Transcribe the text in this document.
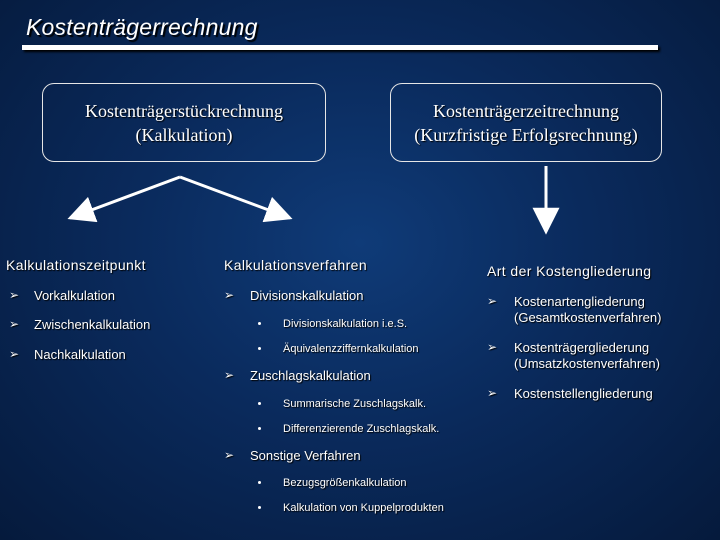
Kostenträgerrechnung
Kostenträgerstückrechnung
(Kalkulation)
Kostenträgerzeitrechnung
(Kurzfristige Erfolgsrechnung)
Kalkulationszeitpunkt
➢ Vorkalkulation
➢ Zwischenkalkulation
➢ Nachkalkulation
Kalkulationsverfahren
➢ Divisionskalkulation
Divisionskalkulation i.e.S.
Äquivalenzziffernkalkulation
➢ Zuschlagskalkulation
Summarische Zuschlagskalk.
Differenzierende Zuschlagskalk.
➢ Sonstige Verfahren
Bezugsgrößenkalkulation
Kalkulation von Kuppelprodukten
Art der Kostengliederung
➢ Kostenartengliederung
(Gesamtkostenverfahren)
➢ Kostenträgergliederung
(Umsatzkostenverfahren)
➢ Kostenstellengliederung
